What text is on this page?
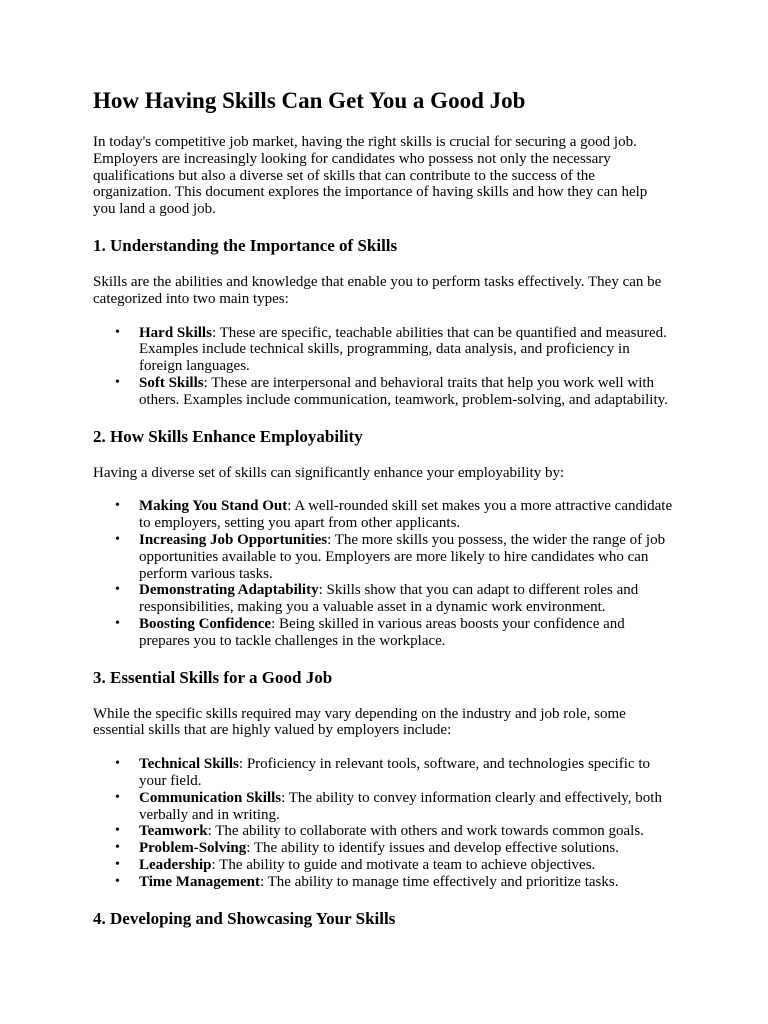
How Having Skills Can Get You a Good Job

In today's competitive job market, having the right skills is crucial for securing a good job. Employers are increasingly looking for candidates who possess not only the necessary qualifications but also a diverse set of skills that can contribute to the success of the organization. This document explores the importance of having skills and how they can help you land a good job.

1. Understanding the Importance of Skills

Skills are the abilities and knowledge that enable you to perform tasks effectively. They can be categorized into two main types:

• Hard Skills: These are specific, teachable abilities that can be quantified and measured. Examples include technical skills, programming, data analysis, and proficiency in foreign languages.
• Soft Skills: These are interpersonal and behavioral traits that help you work well with others. Examples include communication, teamwork, problem-solving, and adaptability.
2. How Skills Enhance Employability

Having a diverse set of skills can significantly enhance your employability by:

• Making You Stand Out: A well-rounded skill set makes you a more attractive candidate to employers, setting you apart from other applicants.
• Increasing Job Opportunities: The more skills you possess, the wider the range of job opportunities available to you. Employers are more likely to hire candidates who can perform various tasks.
• Demonstrating Adaptability: Skills show that you can adapt to different roles and responsibilities, making you a valuable asset in a dynamic work environment.
• Boosting Confidence: Being skilled in various areas boosts your confidence and prepares you to tackle challenges in the workplace.
3. Essential Skills for a Good Job

While the specific skills required may vary depending on the industry and job role, some essential skills that are highly valued by employers include:

• Technical Skills: Proficiency in relevant tools, software, and technologies specific to your field.
• Communication Skills: The ability to convey information clearly and effectively, both verbally and in writing.
• Teamwork: The ability to collaborate with others and work towards common goals.
• Problem-Solving: The ability to identify issues and develop effective solutions.
• Leadership: The ability to guide and motivate a team to achieve objectives.
• Time Management: The ability to manage time effectively and prioritize tasks.
4. Developing and Showcasing Your Skills
